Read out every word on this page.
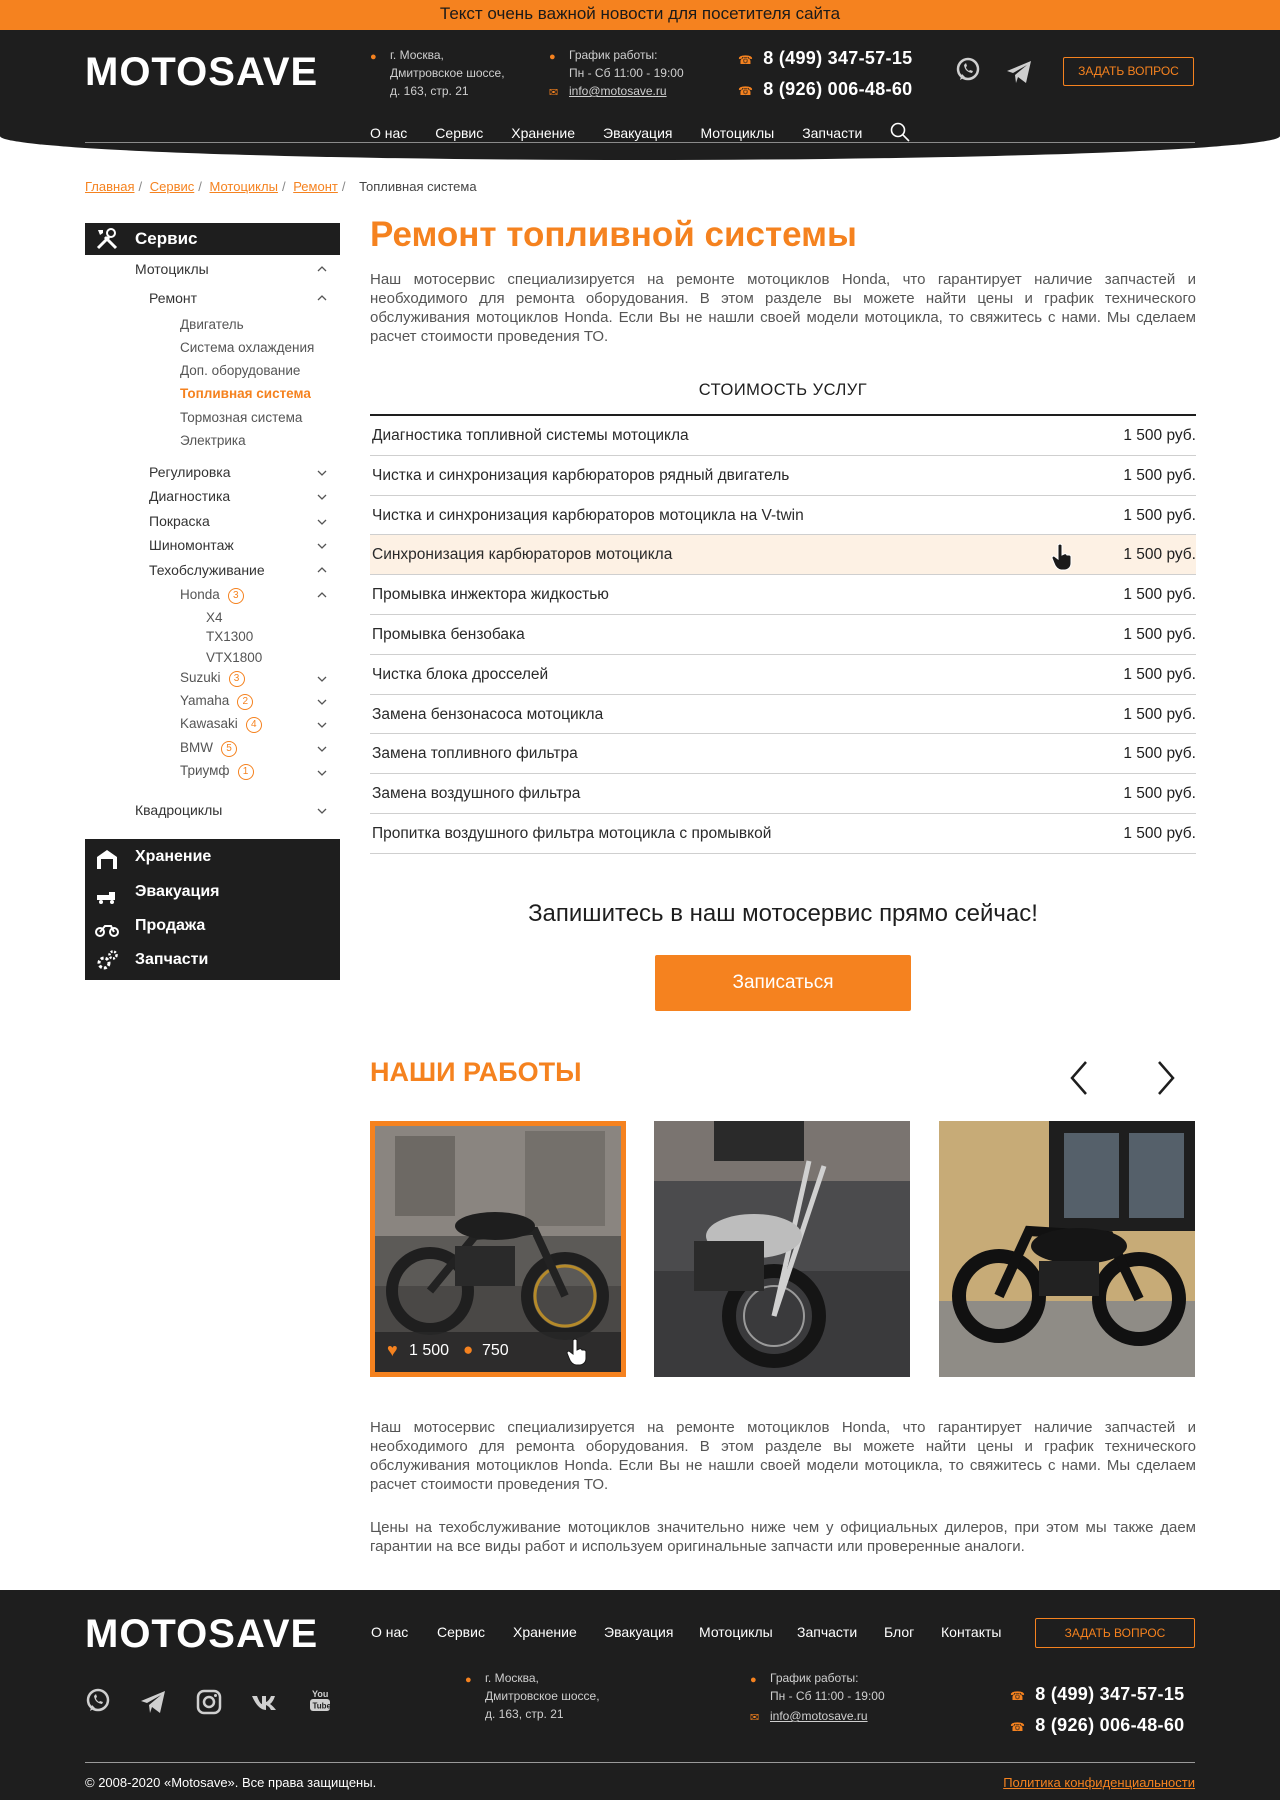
Текст очень важной новости для посетителя сайта
MOTOSAVE	● г. Москва,
Дмитровское шоссе,
д. 163, стр. 21
● График работы:
Пн - Сб 11:00 - 19:00
info@motosave.ru
✉
☎ 8 (499) 347-57-15
☎ 8 (926) 006-48-60
ЗАДАТЬ ВОПРОС
О нас Сервис Хранение Эвакуация Мотоциклы Запчасти
Главная / Сервис / Мотоциклы / Ремонт / Топливная система
Сервис
Мотоциклы
Ремонт
Двигатель
Система охлаждения
Доп. оборудование
Топливная система
Тормозная система
Электрика
Регулировка
Диагностика
Покраска
Шиномонтаж
Техобслуживание
Honda 3
X4
TX1300
VTX1800
Suzuki 3
Yamaha 2
Kawasaki 4
BMW 5
Триумф 1
Квадроциклы
Хранение
Эвакуация
Продажа
Запчасти
Ремонт топливной системы

Наш мотосервис специализируется на ремонте мотоциклов Honda, что гарантирует наличие запчастей и необходимого для ремонта оборудования. В этом разделе вы можете найти цены и график технического обслуживания мотоциклов Honda. Если Вы не нашли своей модели мотоцикла, то свяжитесь с нами. Мы сделаем расчет стоимости проведения ТО.

СТОИМОСТЬ УСЛУГ
Диагностика топливной системы мотоцикла	1 500 руб.
Чистка и синхронизация карбюраторов рядный двигатель	1 500 руб.
Чистка и синхронизация карбюраторов мотоцикла на V-twin	1 500 руб.
Синхронизация карбюраторов мотоцикла	1 500 руб.
Промывка инжектора жидкостью	1 500 руб.
Промывка бензобака	1 500 руб.
Чистка блока дросселей	1 500 руб.
Замена бензонасоса мотоцикла	1 500 руб.
Замена топливного фильтра	1 500 руб.
Замена воздушного фильтра	1 500 руб.
Пропитка воздушного фильтра мотоцикла с промывкой	1 500 руб.
Запишитесь в наш мотосервис прямо сейчас!
Записаться
НАШИ РАБОТЫ
♥ 1 500 ● 750

Наш мотосервис специализируется на ремонте мотоциклов Honda, что гарантирует наличие запчастей и необходимого для ремонта оборудования. В этом разделе вы можете найти цены и график технического обслуживания мотоциклов Honda. Если Вы не нашли своей модели мотоцикла, то свяжитесь с нами. Мы сделаем расчет стоимости проведения ТО.

Цены на техобслуживание мотоциклов значительно ниже чем у официальных дилеров, при этом мы также даем гарантии на все виды работ и используем оригинальные запчасти или проверенные аналоги.

MOTOSAVE	О нас Сервис Хранение Эвакуация Мотоциклы Запчасти Блог Контакты	ЗАДАТЬ ВОПРОС
You
Tube
● г. Москва,
Дмитровское шоссе,
д. 163, стр. 21
● График работы:
Пн - Сб 11:00 - 19:00
info@motosave.ru
✉
☎ 8 (499) 347-57-15
☎ 8 (926) 006-48-60
© 2008-2020 «Motosave». Все права защищены.	Политика конфиденциальности
